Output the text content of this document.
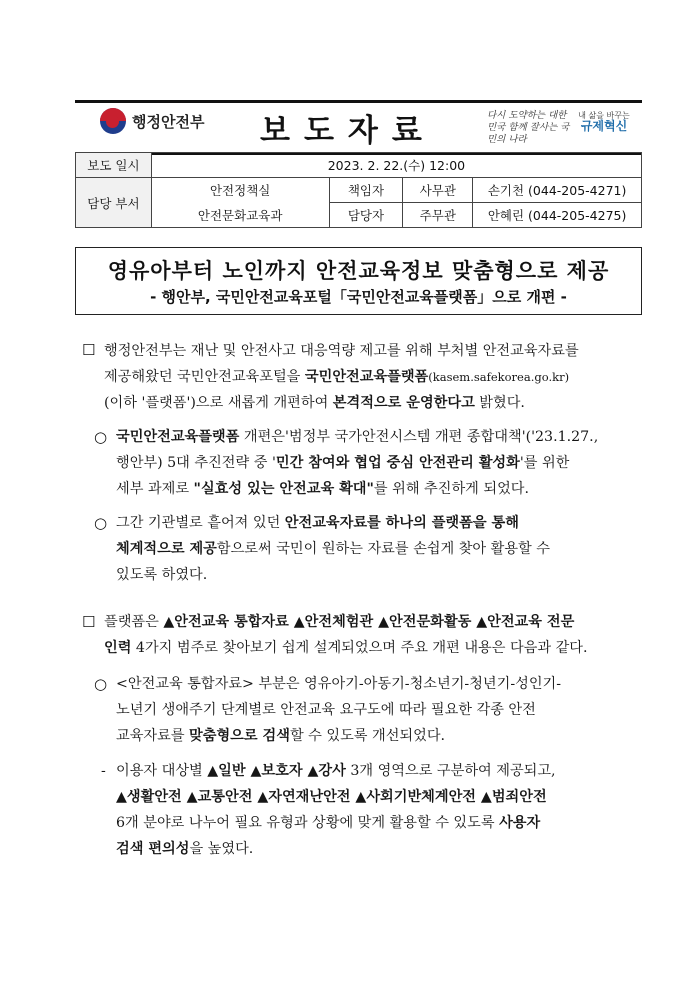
행정안전부 보도자료	다시 도약하는 대한민국 함께 잘사는 국민의 나라
내 삶을 바꾸는
규제혁신
보도 일시	2023. 2. 22.(수) 12:00			
담당 부서	안전정책실	책임자	사무관	손기천 (044-205-4271)
	안전문화교육과	담당자	주무관	안혜린 (044-205-4275)
영유아부터 노인까지 안전교육정보 맞춤형으로 제공
- 행안부, 국민안전교육포털「국민안전교육플랫폼」으로 개편 -
☐ 행정안전부는 재난 및 안전사고 대응역량 제고를 위해 부처별 안전교육자료를
제공해왔던 국민안전교육포털을 국민안전교육플랫폼(kasem.safekorea.go.kr)
(이하 '플랫폼')으로 새롭게 개편하여 본격적으로 운영한다고 밝혔다.
○ 국민안전교육플랫폼 개편은'범정부 국가안전시스템 개편 종합대책'('23.1.27.,
행안부) 5대 추진전략 중 '민간 참여와 협업 중심 안전관리 활성화'를 위한
세부 과제로 "실효성 있는 안전교육 확대"를 위해 추진하게 되었다.
○ 그간 기관별로 흩어져 있던 안전교육자료를 하나의 플랫폼을 통해
체계적으로 제공함으로써 국민이 원하는 자료를 손쉽게 찾아 활용할 수
있도록 하였다.
☐ 플랫폼은 ▲안전교육 통합자료 ▲안전체험관 ▲안전문화활동 ▲안전교육 전문
인력 4가지 범주로 찾아보기 쉽게 설계되었으며 주요 개편 내용은 다음과 같다.
○ <안전교육 통합자료> 부분은 영유아기-아동기-청소년기-청년기-성인기-
노년기 생애주기 단계별로 안전교육 요구도에 따라 필요한 각종 안전
교육자료를 맞춤형으로 검색할 수 있도록 개선되었다.
- 이용자 대상별 ▲일반 ▲보호자 ▲강사 3개 영역으로 구분하여 제공되고,
▲생활안전 ▲교통안전 ▲자연재난안전 ▲사회기반체계안전 ▲범죄안전
6개 분야로 나누어 필요 유형과 상황에 맞게 활용할 수 있도록 사용자
검색 편의성을 높였다.
